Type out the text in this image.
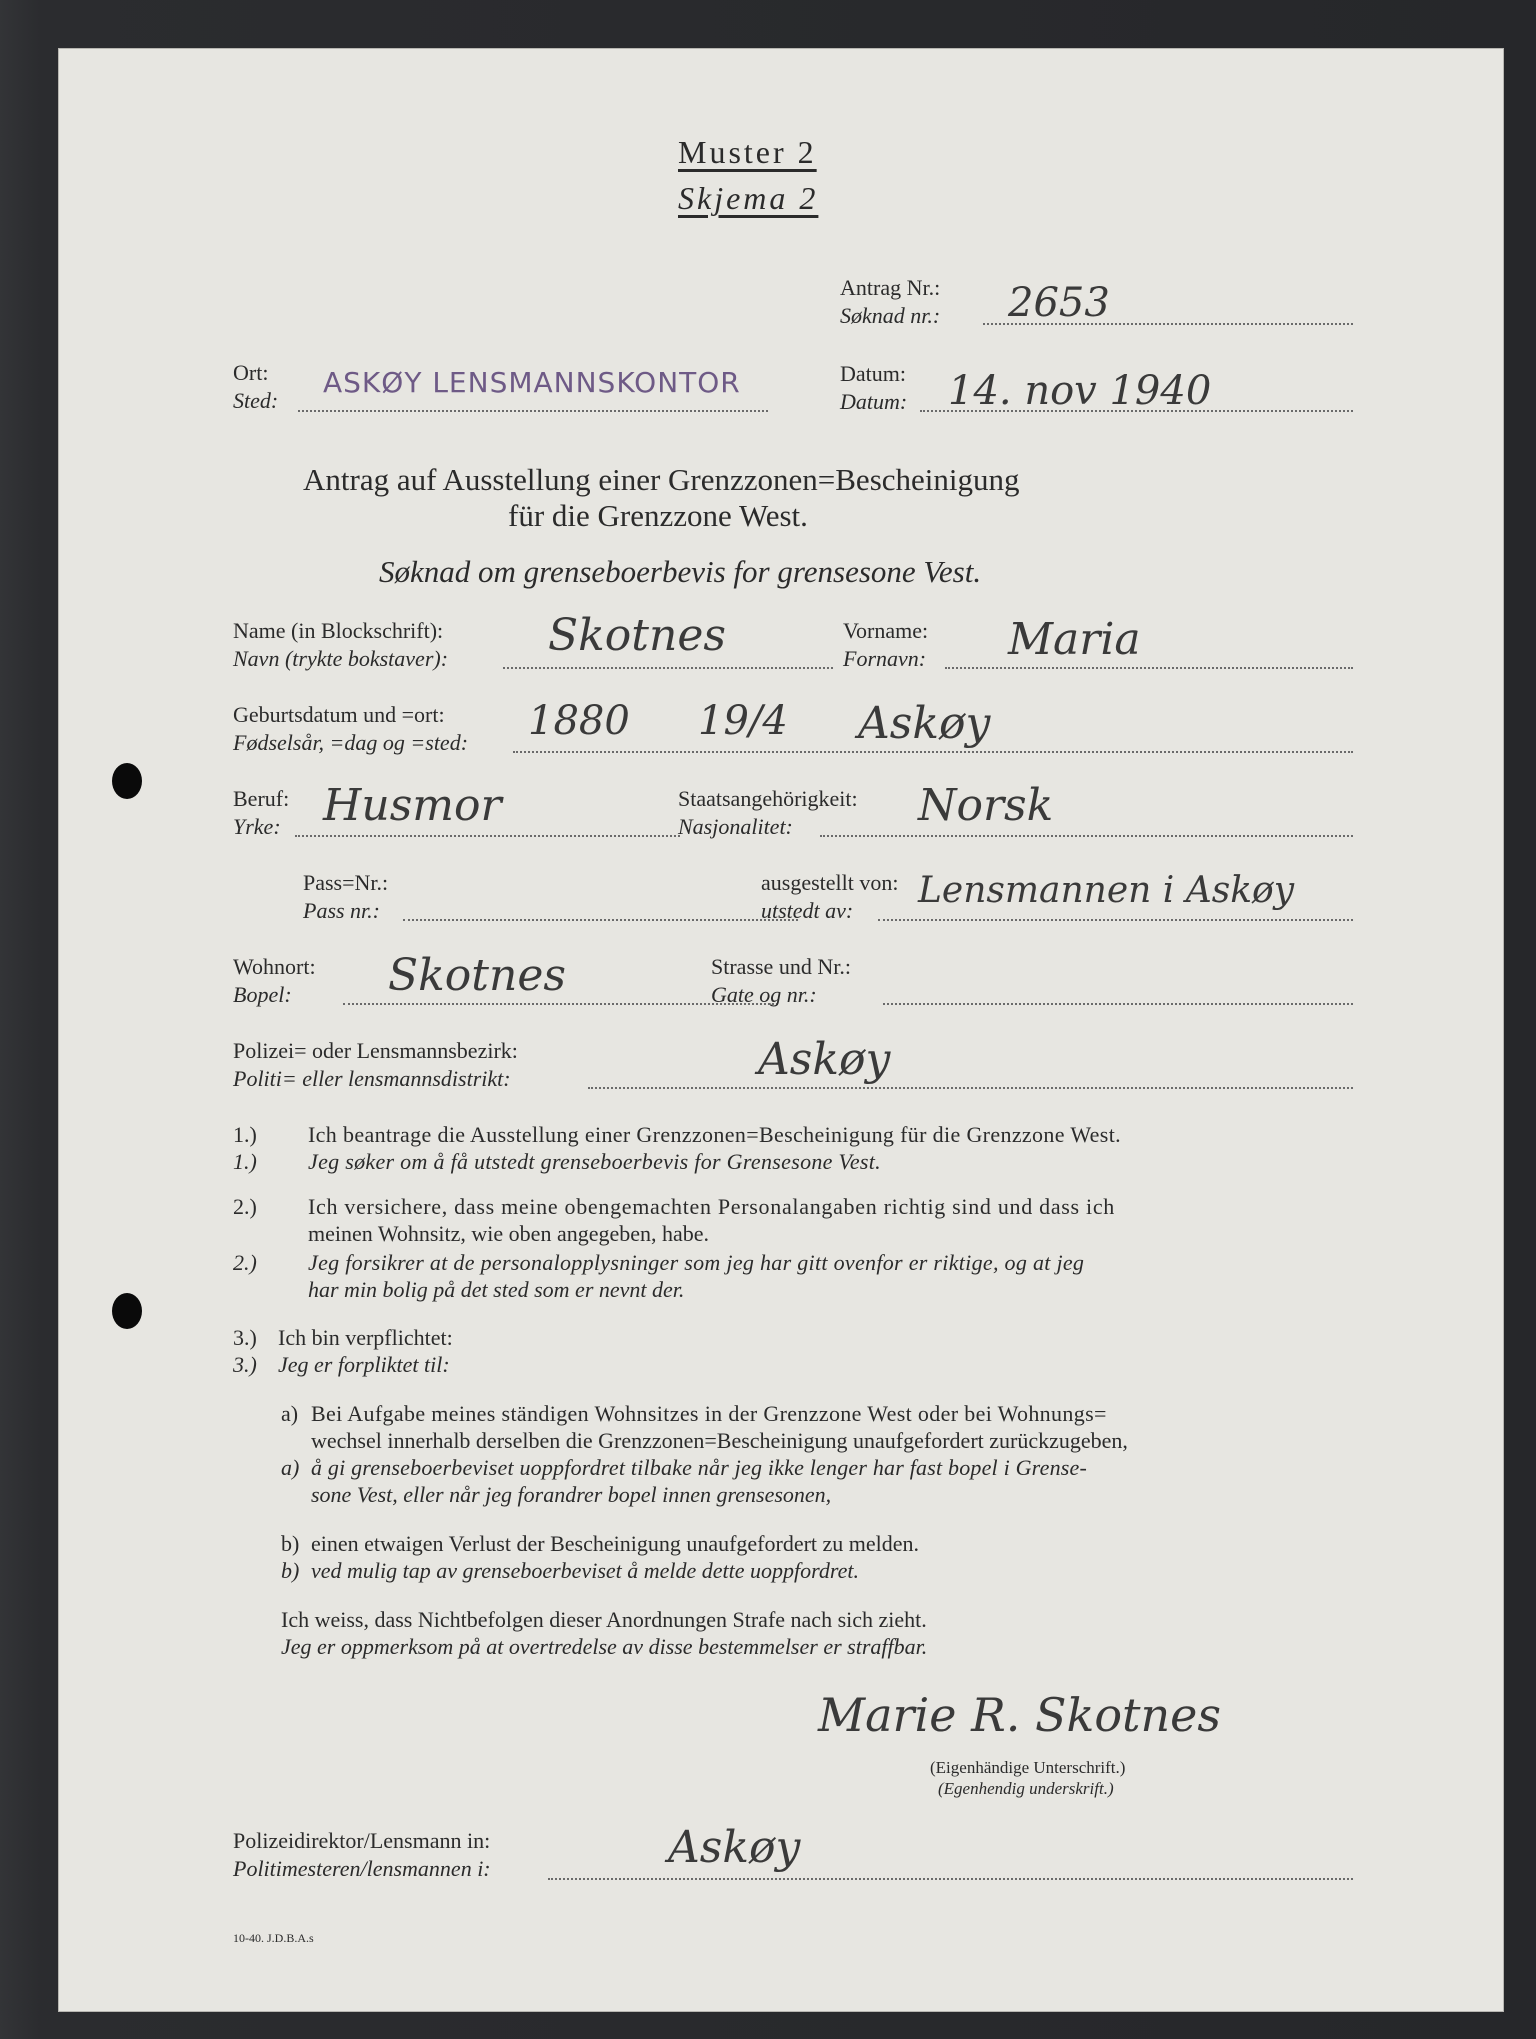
Muster 2
Skjema 2
Antrag Nr.:
Søknad nr.: 2653
Ort:
Sted:
ASKØY LENSMANNSKONTOR	Datum:
Datum: 14. nov 1940
Antrag auf Ausstellung einer Grenzzonen=Bescheinigung
für die Grenzzone West.
Søknad om grenseboerbevis for grensesone Vest.
Name (in Blockschrift):
Navn (trykte bokstaver): Skotnes	Vorname:
Fornavn: Maria
Geburtsdatum und =ort:
Fødselsår, =dag og =sted: 1880 19/4 Askøy
Beruf:
Yrke: Husmor	Staatsangehörigkeit:
Nasjonalitet:	Norsk
Pass=Nr.:
Pass nr.:
ausgestellt von:
utstedt av: Lensmannen i Askøy
Wohnort:
Bopel: Skotnes	Strasse und Nr.:
Gate og nr.:
Polizei= oder Lensmannsbezirk:
Politi= eller lensmannsdistrikt:	Askøy
1.)
1.)
Ich beantrage die Ausstellung einer Grenzzonen=Bescheinigung für die Grenzzone West.
Jeg søker om å få utstedt grenseboerbevis for Grensesone Vest.
2.) Ich versichere, dass meine obengemachten Personalangaben richtig sind und dass ich
meinen Wohnsitz, wie oben angegeben, habe.
2.) Jeg forsikrer at de personalopplysninger som jeg har gitt ovenfor er riktige, og at jeg
har min bolig på det sted som er nevnt der.
3.) Ich bin verpflichtet:
3.) Jeg er forpliktet til:
a) Bei Aufgabe meines ständigen Wohnsitzes in der Grenzzone West oder bei Wohnungs=
wechsel innerhalb derselben die Grenzzonen=Bescheinigung unaufgefordert zurückzugeben,
a) å gi grenseboerbeviset uoppfordret tilbake når jeg ikke lenger har fast bopel i Grense-
sone Vest, eller når jeg forandrer bopel innen grensesonen,
b) einen etwaigen Verlust der Bescheinigung unaufgefordert zu melden.
b) ved mulig tap av grenseboerbeviset å melde dette uoppfordret.
Ich weiss, dass Nichtbefolgen dieser Anordnungen Strafe nach sich zieht.
Jeg er oppmerksom på at overtredelse av disse bestemmelser er straffbar.
Marie R. Skotnes
(Eigenhändige Unterschrift.)
(Egenhendig underskrift.)
Polizeidirektor/Lensmann in:
Politimesteren/lensmannen i:	Askøy
10-40. J.D.B.A.s
